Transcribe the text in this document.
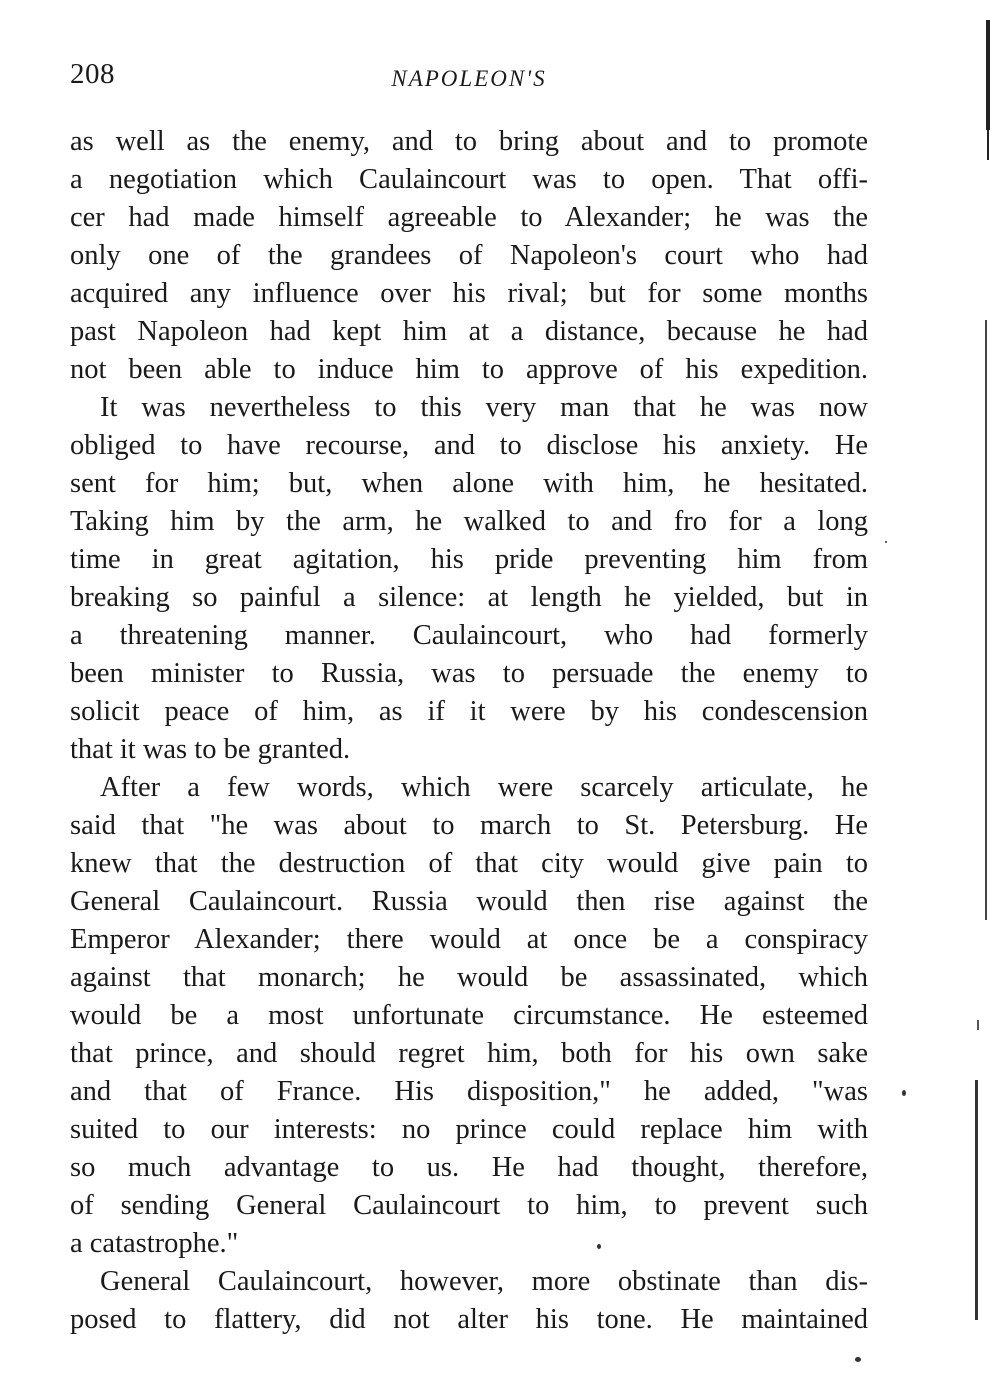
208	NAPOLEON'S
as well as the enemy, and to bring about and to promote
a negotiation which Caulaincourt was to open. That offi-
cer had made himself agreeable to Alexander; he was the
only one of the grandees of Napoleon's court who had
acquired any influence over his rival; but for some months
past Napoleon had kept him at a distance, because he had
not been able to induce him to approve of his expedition.
It was nevertheless to this very man that he was now
obliged to have recourse, and to disclose his anxiety. He
sent for him; but, when alone with him, he hesitated.
Taking him by the arm, he walked to and fro for a long
time in great agitation, his pride preventing him from
breaking so painful a silence: at length he yielded, but in
a threatening manner. Caulaincourt, who had formerly
been minister to Russia, was to persuade the enemy to
solicit peace of him, as if it were by his condescension
that it was to be granted.
After a few words, which were scarcely articulate, he
said that "he was about to march to St. Petersburg. He
knew that the destruction of that city would give pain to
General Caulaincourt. Russia would then rise against the
Emperor Alexander; there would at once be a conspiracy
against that monarch; he would be assassinated, which
would be a most unfortunate circumstance. He esteemed
that prince, and should regret him, both for his own sake
and that of France. His disposition," he added, "was
suited to our interests: no prince could replace him with
so much advantage to us. He had thought, therefore,
of sending General Caulaincourt to him, to prevent such
a catastrophe."
General Caulaincourt, however, more obstinate than dis-
posed to flattery, did not alter his tone. He maintained
